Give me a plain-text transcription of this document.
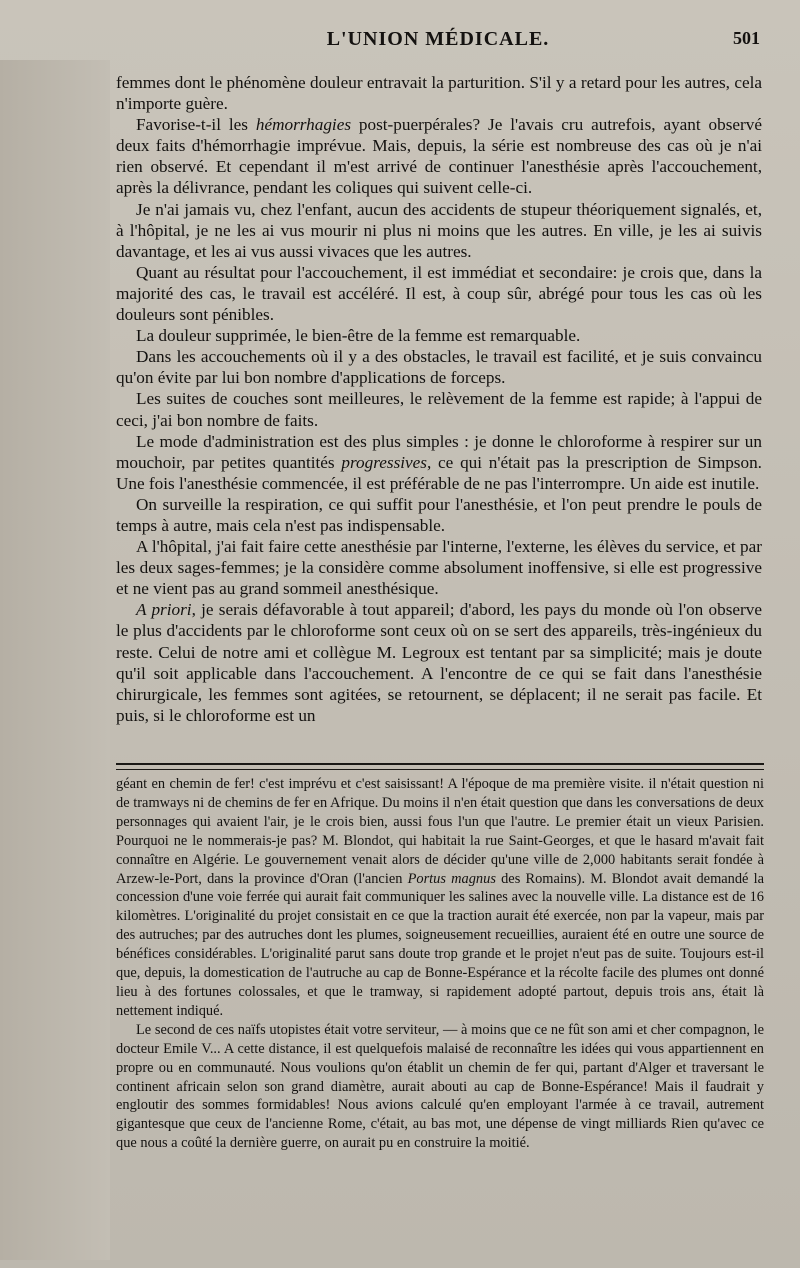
L'UNION MÉDICALE.	501

femmes dont le phénomène douleur entravait la parturition. S'il y a retard pour les autres, cela n'importe guère.

Favorise-t-il les hémorrhagies post-puerpérales? Je l'avais cru autrefois, ayant observé deux faits d'hémorrhagie imprévue. Mais, depuis, la série est nombreuse des cas où je n'ai rien observé. Et cependant il m'est arrivé de continuer l'anesthésie après l'accouchement, après la délivrance, pendant les coliques qui suivent celle-ci.

Je n'ai jamais vu, chez l'enfant, aucun des accidents de stupeur théoriquement signalés, et, à l'hôpital, je ne les ai vus mourir ni plus ni moins que les autres. En ville, je les ai suivis davantage, et les ai vus aussi vivaces que les autres.

Quant au résultat pour l'accouchement, il est immédiat et secondaire: je crois que, dans la majorité des cas, le travail est accéléré. Il est, à coup sûr, abrégé pour tous les cas où les douleurs sont pénibles.

La douleur supprimée, le bien-être de la femme est remarquable.

Dans les accouchements où il y a des obstacles, le travail est facilité, et je suis convaincu qu'on évite par lui bon nombre d'applications de forceps.

Les suites de couches sont meilleures, le relèvement de la femme est rapide; à l'appui de ceci, j'ai bon nombre de faits.

Le mode d'administration est des plus simples : je donne le chloroforme à respirer sur un mouchoir, par petites quantités progressives, ce qui n'était pas la prescription de Simpson. Une fois l'anesthésie commencée, il est préférable de ne pas l'interrompre. Un aide est inutile.

On surveille la respiration, ce qui suffit pour l'anesthésie, et l'on peut prendre le pouls de temps à autre, mais cela n'est pas indispensable.

A l'hôpital, j'ai fait faire cette anesthésie par l'interne, l'externe, les élèves du service, et par les deux sages-femmes; je la considère comme absolument inoffensive, si elle est progressive et ne vient pas au grand sommeil anesthésique.

A priori, je serais défavorable à tout appareil; d'abord, les pays du monde où l'on observe le plus d'accidents par le chloroforme sont ceux où on se sert des appareils, très-ingénieux du reste. Celui de notre ami et collègue M. Legroux est tentant par sa simplicité; mais je doute qu'il soit applicable dans l'accouchement. A l'encontre de ce qui se fait dans l'anesthésie chirurgicale, les femmes sont agitées, se retournent, se déplacent; il ne serait pas facile. Et puis, si le chloroforme est un

géant en chemin de fer! c'est imprévu et c'est saisissant! A l'époque de ma première visite. il n'était question ni de tramways ni de chemins de fer en Afrique. Du moins il n'en était question que dans les conversations de deux personnages qui avaient l'air, je le crois bien, aussi fous l'un que l'autre. Le premier était un vieux Parisien. Pourquoi ne le nommerais-je pas? M. Blondot, qui habitait la rue Saint-Georges, et que le hasard m'avait fait connaître en Algérie. Le gouvernement venait alors de décider qu'une ville de 2,000 habitants serait fondée à Arzew-le-Port, dans la province d'Oran (l'ancien Portus magnus des Romains). M. Blondot avait demandé la concession d'une voie ferrée qui aurait fait communiquer les salines avec la nouvelle ville. La distance est de 16 kilomètres. L'originalité du projet consistait en ce que la traction aurait été exercée, non par la vapeur, mais par des autruches; par des autruches dont les plumes, soigneusement recueillies, auraient été en outre une source de bénéfices considérables. L'originalité parut sans doute trop grande et le projet n'eut pas de suite. Toujours est-il que, depuis, la domestication de l'autruche au cap de Bonne-Espérance et la récolte facile des plumes ont donné lieu à des fortunes colossales, et que le tramway, si rapidement adopté partout, depuis trois ans, était là nettement indiqué.

Le second de ces naïfs utopistes était votre serviteur, — à moins que ce ne fût son ami et cher compagnon, le docteur Emile V... A cette distance, il est quelquefois malaisé de reconnaître les idées qui vous appartiennent en propre ou en communauté. Nous voulions qu'on établit un chemin de fer qui, partant d'Alger et traversant le continent africain selon son grand diamètre, aurait abouti au cap de Bonne-Espérance! Mais il faudrait y engloutir des sommes formidables! Nous avions calculé qu'en employant l'armée à ce travail, autrement gigantesque que ceux de l'ancienne Rome, c'était, au bas mot, une dépense de vingt milliards Rien qu'avec ce que nous a coûté la dernière guerre, on aurait pu en construire la moitié.
